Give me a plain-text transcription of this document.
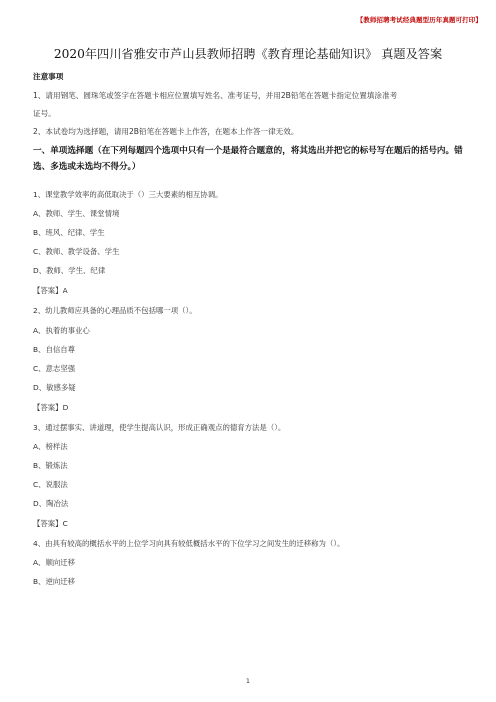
【教师招聘考试经典题型历年真题可打印】
2020年四川省雅安市芦山县教师招聘《教育理论基础知识》 真题及答案
注意事项
1、请用钢笔、圆珠笔或签字在答题卡相应位置填写姓名、准考证号，并用2B铅笔在答题卡指定位置填涂准考
证号。
2、本试卷均为选择题，请用2B铅笔在答题卡上作答，在题本上作答一律无效。
一、单项选择题（在下列每题四个选项中只有一个是最符合题意的，将其选出并把它的标号写在题后的括号内。错选、多选或未选均不得分。）
1、课堂教学效率的高低取决于（）三大要素的相互协调。
A、教师、学生、课堂情境
B、班风、纪律、学生
C、教师、教学设备、学生
D、教师、学生、纪律
【答案】A
2、幼儿教师应具备的心理品质不包括哪一项（）。
A、执着的事业心
B、自信自尊
C、意志坚强
D、敏感多疑
【答案】D
3、通过摆事实、讲道理，使学生提高认识，形成正确观点的德育方法是（）。
A、榜样法
B、锻炼法
C、说服法
D、陶冶法
【答案】C
4、由具有较高的概括水平的上位学习向具有较低概括水平的下位学习之间发生的迁移称为（）。
A、顺向迁移
B、逆向迁移
1
